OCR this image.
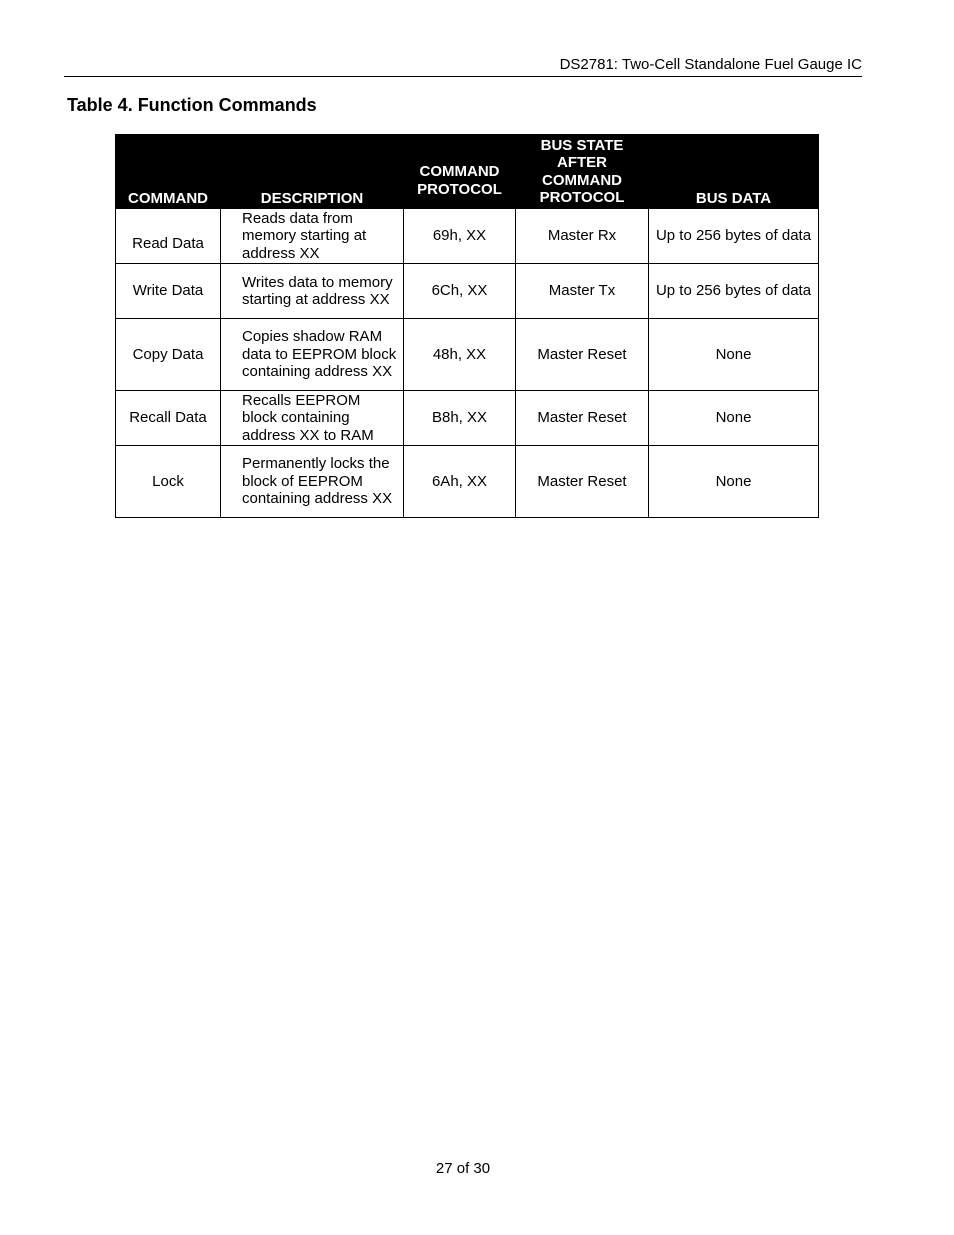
DS2781: Two-Cell Standalone Fuel Gauge IC
Table 4. Function Commands
COMMAND	DESCRIPTION	COMMAND PROTOCOL	BUS STATE AFTER COMMAND PROTOCOL	BUS DATA

Read Data	Reads data from memory starting at address XX	69h, XX	Master Rx	Up to 256 bytes of data
Write Data	Writes data to memory starting at address XX	6Ch, XX	Master Tx	Up to 256 bytes of data
Copy Data	Copies shadow RAM data to EEPROM block containing address XX	48h, XX	Master Reset	None
Recall Data	Recalls EEPROM block containing address XX to RAM	B8h, XX	Master Reset	None
Lock	Permanently locks the block of EEPROM containing address XX	6Ah, XX	Master Reset	None
27 of 30
